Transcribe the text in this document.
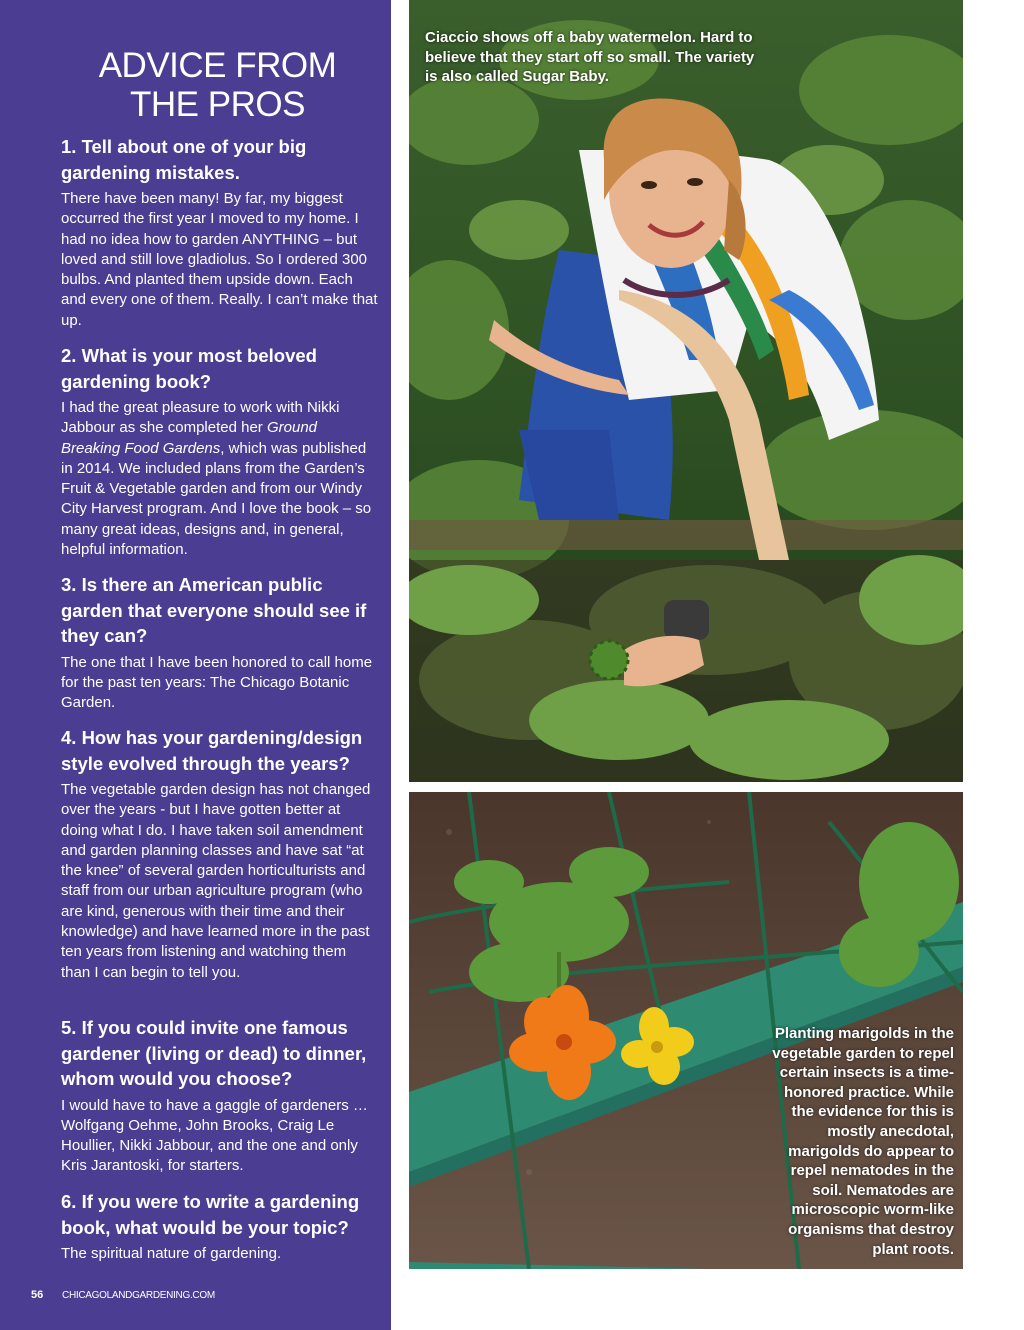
ADVICE FROM
THE PROS
1. Tell about one of your big gardening mistakes.

There have been many! By far, my biggest occurred the first year I moved to my home. I had no idea how to garden ANYTHING – but loved and still love gladiolus. So I ordered 300 bulbs. And planted them upside down. Each and every one of them. Really. I can’t make that up.

2. What is your most beloved gardening book?

I had the great pleasure to work with Nikki Jabbour as she completed her Ground Breaking Food Gardens, which was published in 2014. We included plans from the Garden’s Fruit & Vegetable garden and from our Windy City Harvest program. And I love the book – so many great ideas, designs and, in general, helpful information.

3. Is there an American public garden that everyone should see if they can?

The one that I have been honored to call home for the past ten years: The Chicago Botanic Garden.

4. How has your gardening/design style evolved through the years?

The vegetable garden design has not changed over the years - but I have gotten better at doing what I do. I have taken soil amendment and garden planning classes and have sat “at the knee” of several garden horticulturists and staff from our urban agriculture program (who are kind, generous with their time and their knowledge) and have learned more in the past ten years from listening and watching them than I can begin to tell you.

5. If you could invite one famous gardener (living or dead) to dinner, whom would you choose?

I would have to have a gaggle of gardeners … Wolfgang Oehme, John Brooks, Craig Le Houllier, Nikki Jabbour, and the one and only Kris Jarantoski, for starters.

6. If you were to write a gardening book, what would be your topic?

The spiritual nature of gardening.

56 CHICAGOLANDGARDENING.COM
Ciaccio shows off a baby watermelon. Hard to believe that they start off so small. The variety is also called Sugar Baby.
Planting marigolds in the vegetable garden to repel certain insects is a time-honored practice. While the evidence for this is mostly anecdotal, marigolds do appear to repel nematodes in the soil. Nematodes are microscopic worm-like organisms that destroy plant roots.
